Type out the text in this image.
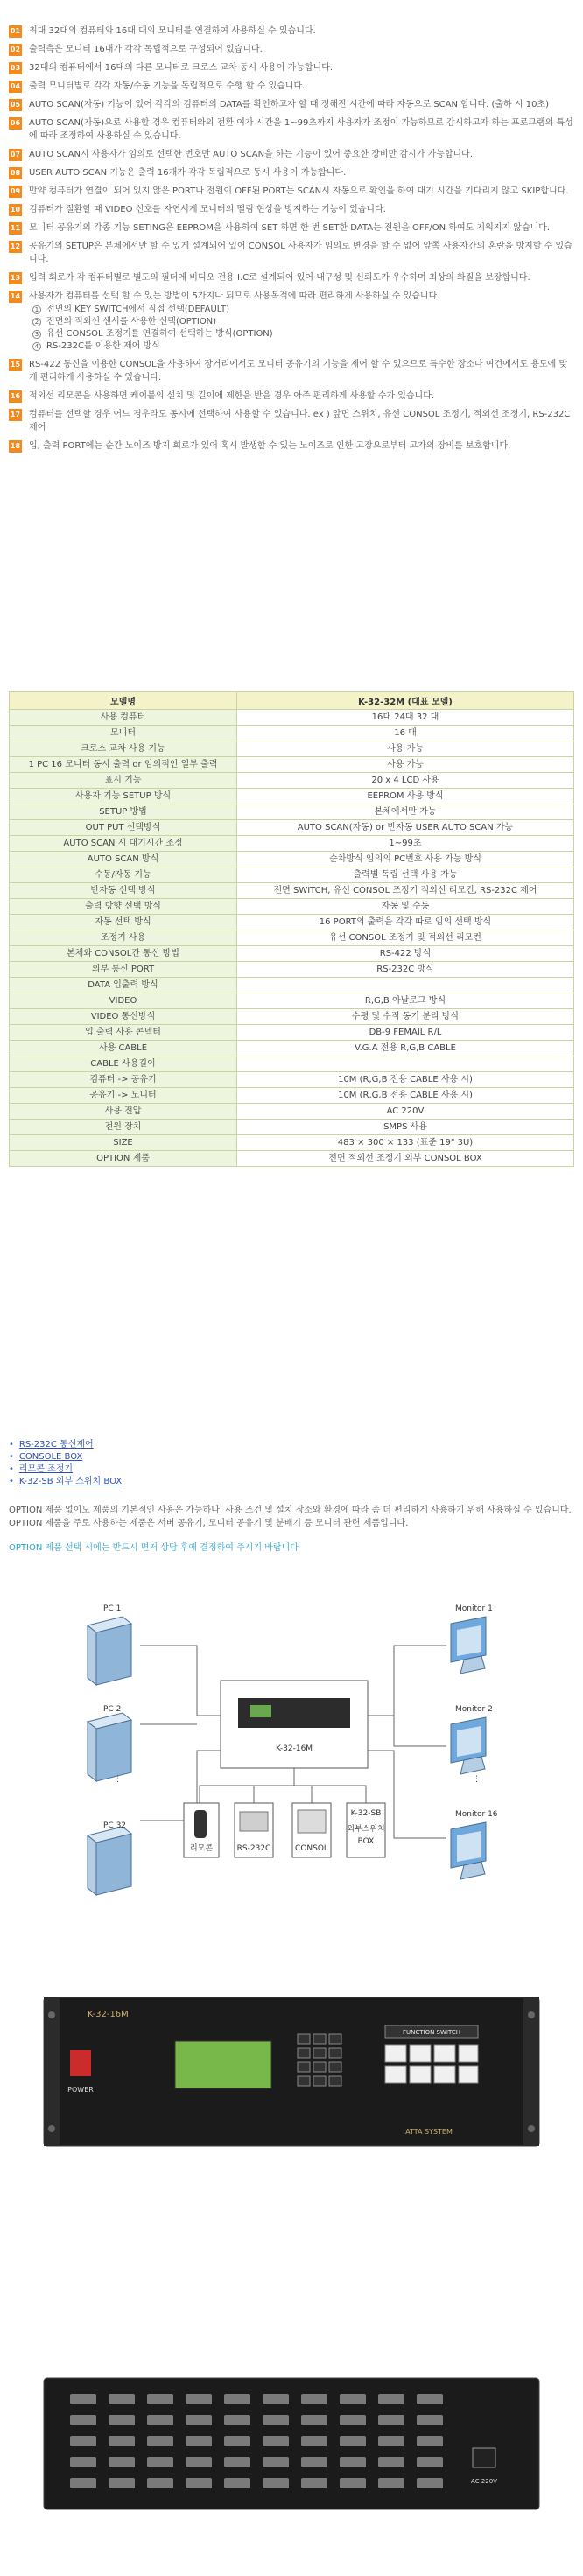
01 최대 32대의 컴퓨터와 16대 대의 모니터를 연결하여 사용하실 수 있습니다.
02 출력측은 모니터 16대가 각각 독립적으로 구성되어 있습니다.
03 32대의 컴퓨터에서 16대의 다른 모니터로 크로스 교차 동시 사용이 가능합니다.
04 출력 모니터별로 각각 자동/수동 기능을 독립적으로 수행 할 수 있습니다.
05 AUTO SCAN(자동) 기능이 있어 각각의 컴퓨터의 DATA를 확인하고자 할 때 정해진 시간에 따라 자동으로 SCAN 합니다. (출하 시 10초)
06 AUTO SCAN(자동)으로 사용할 경우 컴퓨터와의 전환 여가 시간을 1~99초까지 사용자가 조정이 가능하므로 감시하고자 하는 프로그램의 특성에 따라 조정하여 사용하실 수 있습니다.
07 AUTO SCAN시 사용자가 임의로 선택한 번호만 AUTO SCAN을 하는 기능이 있어 중요한 장비만 감시가 가능합니다.
08 USER AUTO SCAN 기능은 출력 16개가 각각 독립적으로 동시 사용이 가능합니다.
09 만약 컴퓨터가 연결이 되어 있지 않은 PORT나 전원이 OFF된 PORT는 SCAN시 자동으로 확인을 하여 대기 시간을 기다리지 않고 SKIP합니다.
10 컴퓨터가 절환할 때 VIDEO 신호를 자연서게 모니터의 떨림 현상을 방지하는 기능이 있습니다.
11 모니터 공유기의 각종 기능 SETING은 EEPROM을 사용하여 SET 하면 한 번 SET한 DATA는 전원을 OFF/ON 하여도 지워지지 않습니다.
12 공유기의 SETUP은 본체에서만 할 수 있게 설계되어 있어 CONSOL 사용자가 임의로 변경을 할 수 없어 앞쪽 사용자간의 혼란을 방지할 수 있습니다.
13 입력 회로가 각 컴퓨터별로 별도의 필더에 비디오 전용 I.C로 설계되어 있어 내구성 및 신뢰도가 우수하며 최상의 화질을 보장합니다.
14 사용자가 컴퓨터를 선택 할 수 있는 방법이 5가지나 되므로 사용목적에 따라 편리하게 사용하실 수 있습니다.
1 전면의 KEY SWITCH에서 직접 선택(DEFAULT)
2 전면의 적외선 센서를 사용한 선택(OPTION)
3 유선 CONSOL 조정기를 연결하여 선택하는 방식(OPTION)
4 RS-232C를 이용한 제어 방식
15 RS-422 통신을 이용한 CONSOL을 사용하여 장거리에서도 모니터 공유기의 기능을 제어 할 수 있으므로 특수한 장소나 여건에서도 용도에 맞게 편리하게 사용하실 수 있습니다.
16 적외선 리모콘을 사용하면 케이블의 설치 및 길이에 제한을 받을 경우 아주 편리하게 사용할 수가 있습니다.
17 컴퓨터를 선택할 경우 어느 경우라도 동시에 선택하여 사용할 수 있습니다. ex ) 앞면 스위치, 유선 CONSOL 조정기, 적외선 조정기, RS-232C제어
18 입, 출력 PORT에는 순간 노이즈 방지 회로가 있어 혹시 발생할 수 있는 노이즈로 인한 고장으로부터 고가의 장비를 보호합니다.
모델명	K-32-32M (대표 모델)
사용 컴퓨터	16대 24대 32 대
모니터	16 대
크로스 교차 사용 기능	사용 가능
1 PC 16 모니터 동시 출력 or 임의적인 일부 출력	사용 가능
표시 기능	20 x 4 LCD 사용
사용자 기능 SETUP 방식	EEPROM 사용 방식
SETUP 방법	본체에서만 가능
OUT PUT 선택방식	AUTO SCAN(자동) or 반자동 USER AUTO SCAN 가능
AUTO SCAN 시 대기시간 조정	1~99초
AUTO SCAN 방식	순차방식 임의의 PC번호 사용 가능 방식
수동/자동 기능	출력별 독립 선택 사용 가능
반자동 선택 방식	전면 SWITCH, 유선 CONSOL 조정기 적외선 리모컨, RS-232C 제어
출력 방향 선택 방식	자동 및 수동
자동 선택 방식	16 PORT의 출력을 각각 따로 임의 선택 방식
조정기 사용	유선 CONSOL 조정기 및 적외선 리모컨
본체와 CONSOL간 통신 방법	RS-422 방식
외부 통신 PORT	RS-232C 방식
DATA 입출력 방식	
VIDEO	R,G,B 아날로그 방식
VIDEO 통신방식	수평 및 수직 동기 분리 방식
입,출력 사용 콘넥터	DB-9 FEMAIL R/L
사용 CABLE	V.G.A 전용 R,G,B CABLE
CABLE 사용길이	
컴퓨터 -> 공유기	10M (R,G,B 전용 CABLE 사용 시)
공유기 -> 모니터	10M (R,G,B 전용 CABLE 사용 시)
사용 전압	AC 220V
전원 장치	SMPS 사용
SIZE	483 × 300 × 133 (표준 19" 3U)
OPTION 제품	전면 적외선 조정기 외부 CONSOL BOX
• RS-232C 통신제어
• CONSOLE BOX
• 리모콘 조정기
• K-32-SB 외부 스위치 BOX
OPTION 제품 없이도 제품의 기본적인 사용은 가능하나, 사용 조건 및 설치 장소와 환경에 따라 좀 더 편리하게 사용하기 위해 사용하실 수 있습니다.
OPTION 제품을 주로 사용하는 제품은 서버 공유기, 모니터 공유기 및 분배기 등 모니터 관련 제품입니다.
OPTION 제품 선택 시에는 반드시 면저 상담 후에 결정하여 주시기 바랍니다
PC 1
PC 2
PC 32
⋮
K-32-16M
Monitor 1
Monitor 2
Monitor 16
⋮
리모콘	RS-232C	CONSOL
K-32-SB
외부스위치
BOX
K-32-16M
POWER
FUNCTION SWITCH
ATTA SYSTEM
AC 220V
